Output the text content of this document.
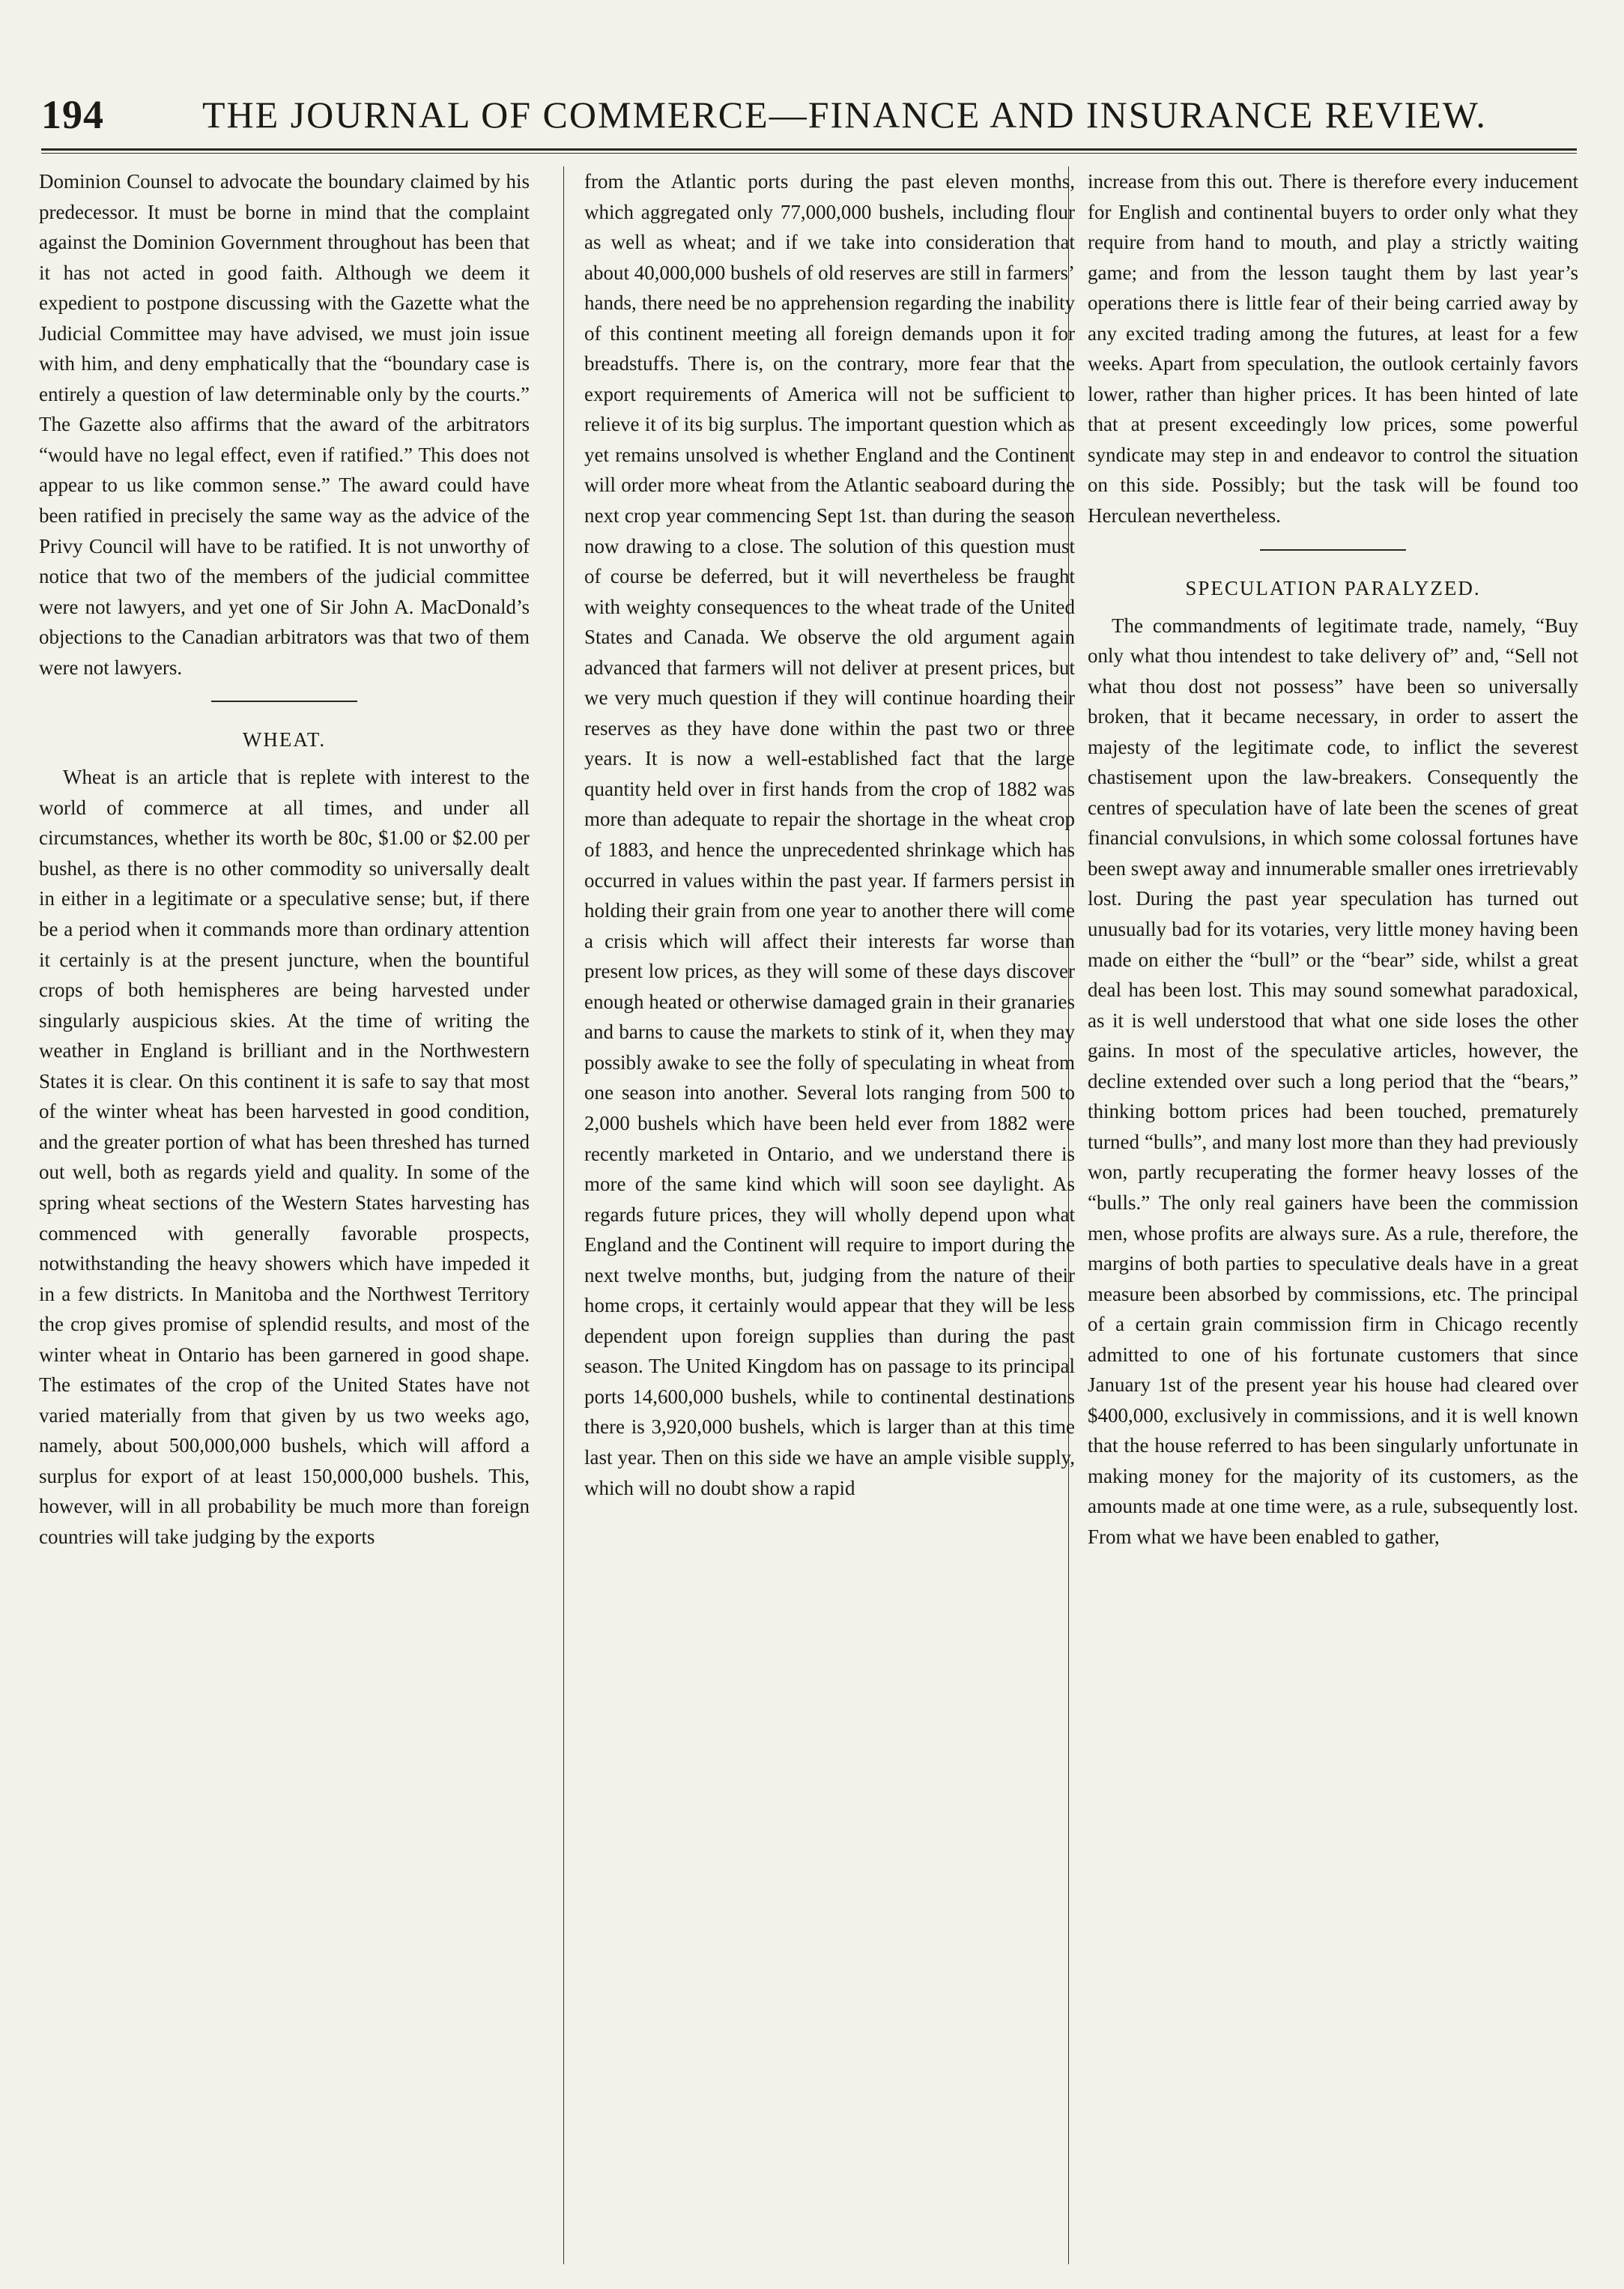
194	THE JOURNAL OF COMMERCE—FINANCE AND INSURANCE REVIEW.

Dominion Counsel to advocate the boundary claimed by his predecessor. It must be borne in mind that the complaint against the Dominion Government throughout has been that it has not acted in good faith. Although we deem it expedient to postpone discussing with the Gazette what the Judicial Committee may have advised, we must join issue with him, and deny emphatically that the “boundary case is entirely a question of law determinable only by the courts.” The Gazette also affirms that the award of the arbitrators “would have no legal effect, even if ratified.” This does not appear to us like common sense.” The award could have been ratified in precisely the same way as the advice of the Privy Council will have to be ratified. It is not unworthy of notice that two of the members of the judicial committee were not lawyers, and yet one of Sir John A. MacDonald’s objections to the Canadian arbitrators was that two of them were not lawyers.

WHEAT.

Wheat is an article that is replete with interest to the world of commerce at all times, and under all circumstances, whether its worth be 80c, $1.00 or $2.00 per bushel, as there is no other commodity so universally dealt in either in a legitimate or a speculative sense; but, if there be a period when it commands more than ordinary attention it certainly is at the present juncture, when the bountiful crops of both hemispheres are being harvested under singularly auspicious skies. At the time of writing the weather in England is brilliant and in the Northwestern States it is clear. On this continent it is safe to say that most of the winter wheat has been harvested in good condition, and the greater portion of what has been threshed has turned out well, both as regards yield and quality. In some of the spring wheat sections of the Western States harvesting has commenced with generally favorable prospects, notwithstanding the heavy showers which have impeded it in a few districts. In Manitoba and the Northwest Territory the crop gives promise of splendid results, and most of the winter wheat in Ontario has been garnered in good shape. The estimates of the crop of the United States have not varied materially from that given by us two weeks ago, namely, about 500,000,000 bushels, which will afford a surplus for export of at least 150,000,000 bushels. This, however, will in all probability be much more than foreign countries will take judging by the exports

from the Atlantic ports during the past eleven months, which aggregated only 77,000,000 bushels, including flour as well as wheat; and if we take into consideration that about 40,000,000 bushels of old reserves are still in farmers’ hands, there need be no apprehension regarding the inability of this continent meeting all foreign demands upon it for breadstuffs. There is, on the contrary, more fear that the export requirements of America will not be sufficient to relieve it of its big surplus. The important question which as yet remains unsolved is whether England and the Continent will order more wheat from the Atlantic seaboard during the next crop year commencing Sept 1st. than during the season now drawing to a close. The solution of this question must of course be deferred, but it will nevertheless be fraught with weighty consequences to the wheat trade of the United States and Canada. We observe the old argument again advanced that farmers will not deliver at present prices, but we very much question if they will continue hoarding their reserves as they have done within the past two or three years. It is now a well-established fact that the large quantity held over in first hands from the crop of 1882 was more than adequate to repair the shortage in the wheat crop of 1883, and hence the unprecedented shrinkage which has occurred in values within the past year. If farmers persist in holding their grain from one year to another there will come a crisis which will affect their interests far worse than present low prices, as they will some of these days discover enough heated or otherwise damaged grain in their granaries and barns to cause the markets to stink of it, when they may possibly awake to see the folly of speculating in wheat from one season into another. Several lots ranging from 500 to 2,000 bushels which have been held ever from 1882 were recently marketed in Ontario, and we understand there is more of the same kind which will soon see daylight. As regards future prices, they will wholly depend upon what England and the Continent will require to import during the next twelve months, but, judging from the nature of their home crops, it certainly would appear that they will be less dependent upon foreign supplies than during the past season. The United Kingdom has on passage to its principal ports 14,600,000 bushels, while to continental destinations there is 3,920,000 bushels, which is larger than at this time last year. Then on this side we have an ample visible supply, which will no doubt show a rapid

increase from this out. There is therefore every inducement for English and continental buyers to order only what they require from hand to mouth, and play a strictly waiting game; and from the lesson taught them by last year’s operations there is little fear of their being carried away by any excited trading among the futures, at least for a few weeks. Apart from speculation, the outlook certainly favors lower, rather than higher prices. It has been hinted of late that at present exceedingly low prices, some powerful syndicate may step in and endeavor to control the situation on this side. Possibly; but the task will be found too Herculean nevertheless.

SPECULATION PARALYZED.

The commandments of legitimate trade, namely, “Buy only what thou intendest to take delivery of” and, “Sell not what thou dost not possess” have been so universally broken, that it became necessary, in order to assert the majesty of the legitimate code, to inflict the severest chastisement upon the law-breakers. Consequently the centres of speculation have of late been the scenes of great financial convulsions, in which some colossal fortunes have been swept away and innumerable smaller ones irretrievably lost. During the past year speculation has turned out unusually bad for its votaries, very little money having been made on either the “bull” or the “bear” side, whilst a great deal has been lost. This may sound somewhat paradoxical, as it is well understood that what one side loses the other gains. In most of the speculative articles, however, the decline extended over such a long period that the “bears,” thinking bottom prices had been touched, prematurely turned “bulls”, and many lost more than they had previously won, partly recuperating the former heavy losses of the “bulls.” The only real gainers have been the commission men, whose profits are always sure. As a rule, therefore, the margins of both parties to speculative deals have in a great measure been absorbed by commissions, etc. The principal of a certain grain commission firm in Chicago recently admitted to one of his fortunate customers that since January 1st of the present year his house had cleared over $400,000, exclusively in commissions, and it is well known that the house referred to has been singularly unfortunate in making money for the majority of its customers, as the amounts made at one time were, as a rule, subsequently lost. From what we have been enabled to gather,
